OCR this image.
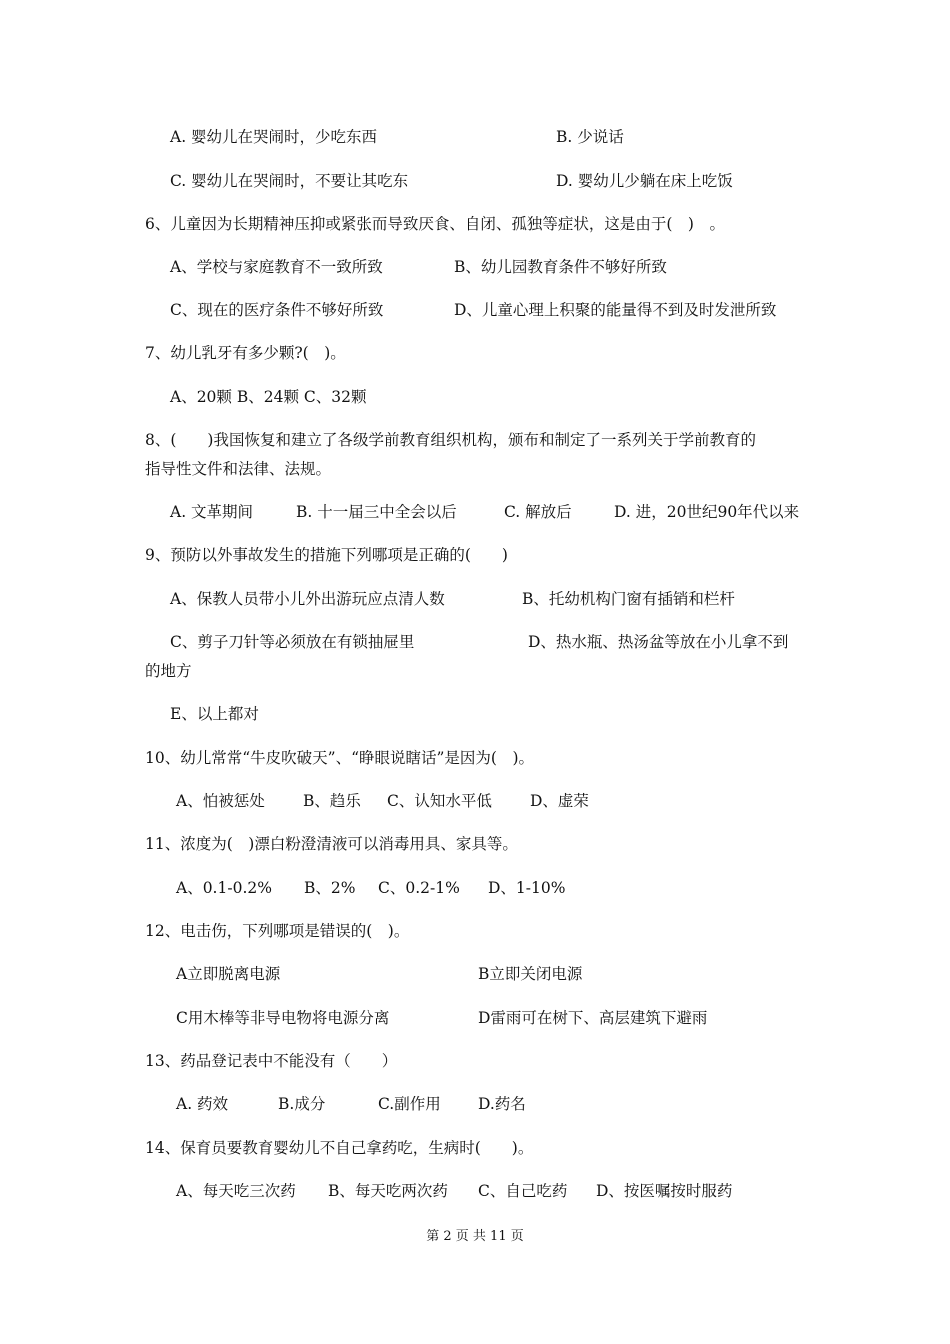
A. 婴幼儿在哭闹时，少吃东西	B. 少说话
C. 婴幼儿在哭闹时，不要让其吃东	D. 婴幼儿少躺在床上吃饭
6、儿童因为长期精神压抑或紧张而导致厌食、自闭、孤独等症状，这是由于(　)　。
A、学校与家庭教育不一致所致	B、幼儿园教育条件不够好所致
C、现在的医疗条件不够好所致	D、儿童心理上积聚的能量得不到及时发泄所致
7、幼儿乳牙有多少颗?(　)。
A、20颗 B、24颗 C、32颗
8、(　　)我国恢复和建立了各级学前教育组织机构，颁布和制定了一系列关于学前教育的
指导性文件和法律、法规。
A. 文革期间	B. 十一届三中全会以后	C. 解放后	D. 进，20世纪90年代以来
9、预防以外事故发生的措施下列哪项是正确的(　　)
A、保教人员带小儿外出游玩应点清人数	B、托幼机构门窗有插销和栏杆
C、剪子刀针等必须放在有锁抽屉里	D、热水瓶、热汤盆等放在小儿拿不到
的地方
E、以上都对
10、幼儿常常“牛皮吹破天”、“睁眼说瞎话”是因为(　)。
A、怕被惩处 B、趋乐 C、认知水平低 D、虚荣
11、浓度为(　)漂白粉澄清液可以消毒用具、家具等。
A、0.1-0.2% B、2% C、0.2-1% D、1-10%
12、电击伤，下列哪项是错误的(　)。
A立即脱离电源	B立即关闭电源
C用木棒等非导电物将电源分离	D雷雨可在树下、高层建筑下避雨
13、药品登记表中不能没有（　　）
A. 药效	B.成分	C.副作用 D.药名
14、保育员要教育婴幼儿不自己拿药吃，生病时(　　)。
A、每天吃三次药 B、每天吃两次药 C、自己吃药 D、按医嘱按时服药
第 2 页 共 11 页
